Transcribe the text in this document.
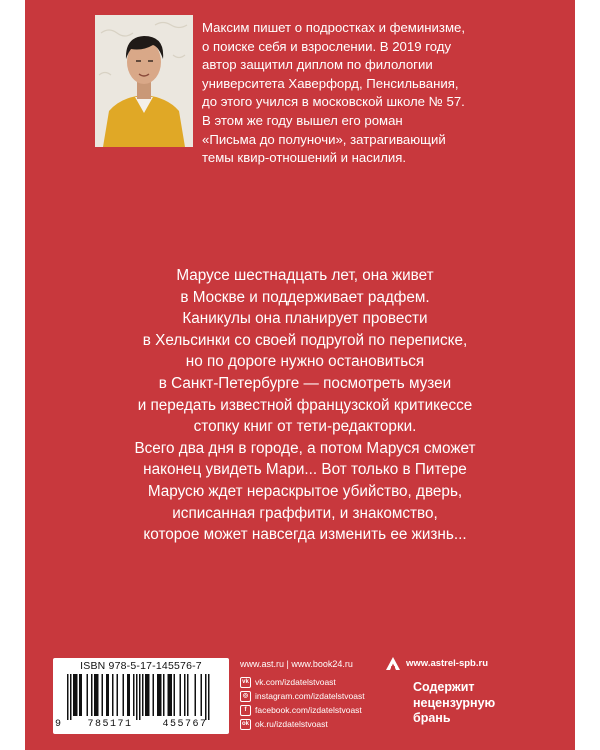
Максим пишет о подростках и феминизме,
о поиске себя и взрослении. В 2019 году
автор защитил диплом по филологии
университета Хаверфорд, Пенсильвания,
до этого учился в московской школе № 57.
В этом же году вышел его роман
«Письма до полуночи», затрагивающий
темы квир-отношений и насилия.

Марусе шестнадцать лет, она живет
в Москве и поддерживает радфем.
Каникулы она планирует провести
в Хельсинки со своей подругой по переписке,
но по дороге нужно остановиться
в Санкт-Петербурге — посмотреть музеи
и передать известной французской критикессе
стопку книг от тети-редакторки.
Всего два дня в городе, а потом Маруся сможет
наконец увидеть Мари... Вот только в Питере
Марусю ждет нераскрытое убийство, дверь,
исписанная граффити, и знакомство,
которое может навсегда изменить ее жизнь...

ISBN 978-5-17-145576-7
9	785171	455767
www.ast.ru | www.book24.ru
vk vk.com/izdatelstvoast
◎ instagram.com/izdatelstvoast
f	facebook.com/izdatelstvoast
ok ok.ru/izdatelstvoast
www.astrel-spb.ru
Содержит
нецензурную
брань
